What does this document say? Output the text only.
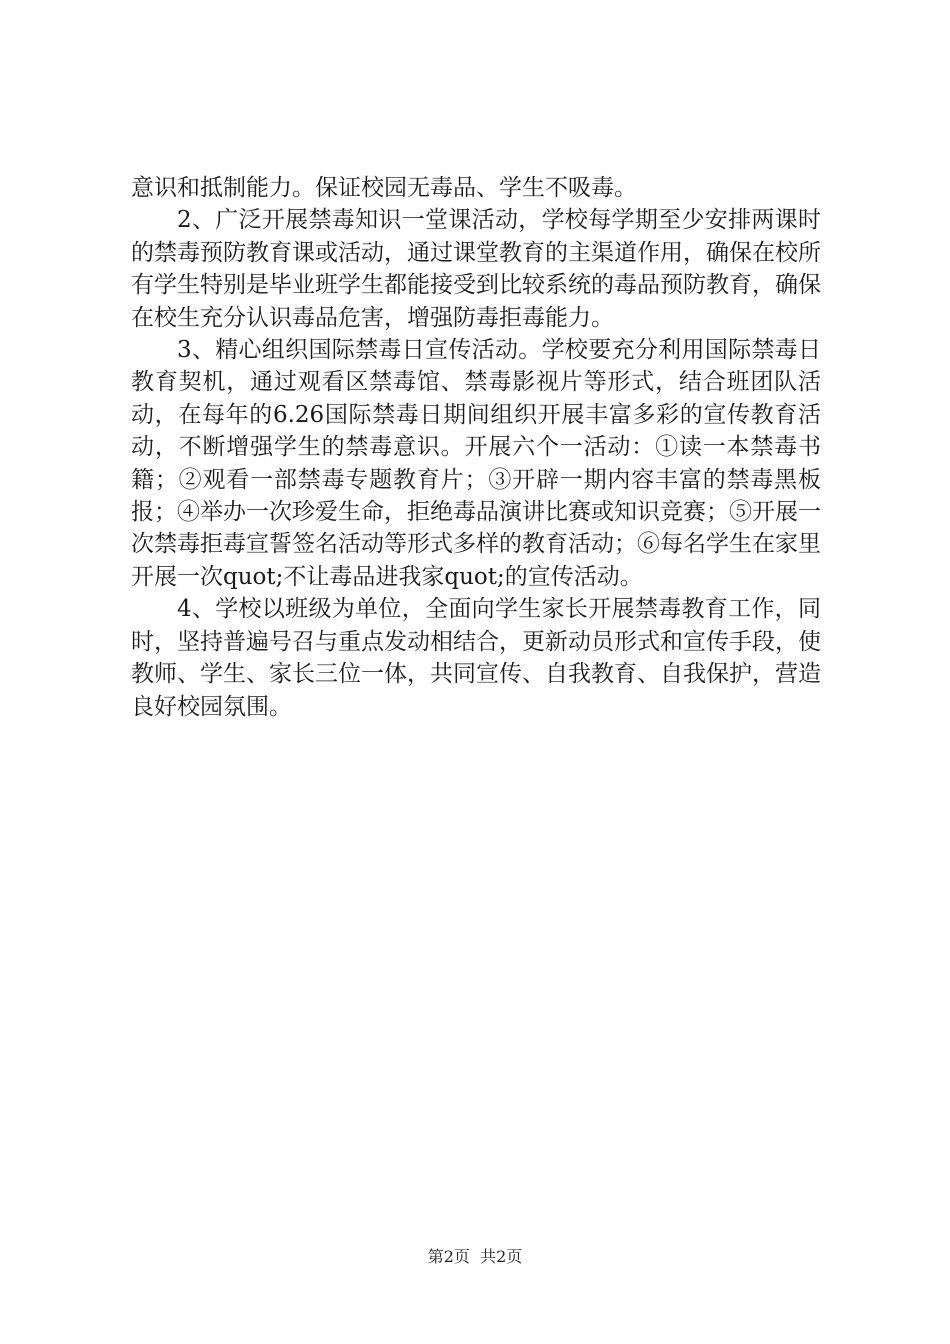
意识和抵制能力。保证校园无毒品、学生不吸毒。

2、广泛开展禁毒知识一堂课活动，学校每学期至少安排两课时的禁毒预防教育课或活动，通过课堂教育的主渠道作用，确保在校所有学生特别是毕业班学生都能接受到比较系统的毒品预防教育，确保在校生充分认识毒品危害，增强防毒拒毒能力。

3、精心组织国际禁毒日宣传活动。学校要充分利用国际禁毒日教育契机，通过观看区禁毒馆、禁毒影视片等形式，结合班团队活动，在每年的6.26国际禁毒日期间组织开展丰富多彩的宣传教育活动，不断增强学生的禁毒意识。开展六个一活动：①读一本禁毒书籍；②观看一部禁毒专题教育片；③开辟一期内容丰富的禁毒黑板报；④举办一次珍爱生命，拒绝毒品演讲比赛或知识竞赛；⑤开展一次禁毒拒毒宣誓签名活动等形式多样的教育活动；⑥每名学生在家里开展一次quot;不让毒品进我家quot;的宣传活动。

4、学校以班级为单位，全面向学生家长开展禁毒教育工作，同时，坚持普遍号召与重点发动相结合，更新动员形式和宣传手段，使教师、学生、家长三位一体，共同宣传、自我教育、自我保护，营造良好校园氛围。

第2页  共2页
